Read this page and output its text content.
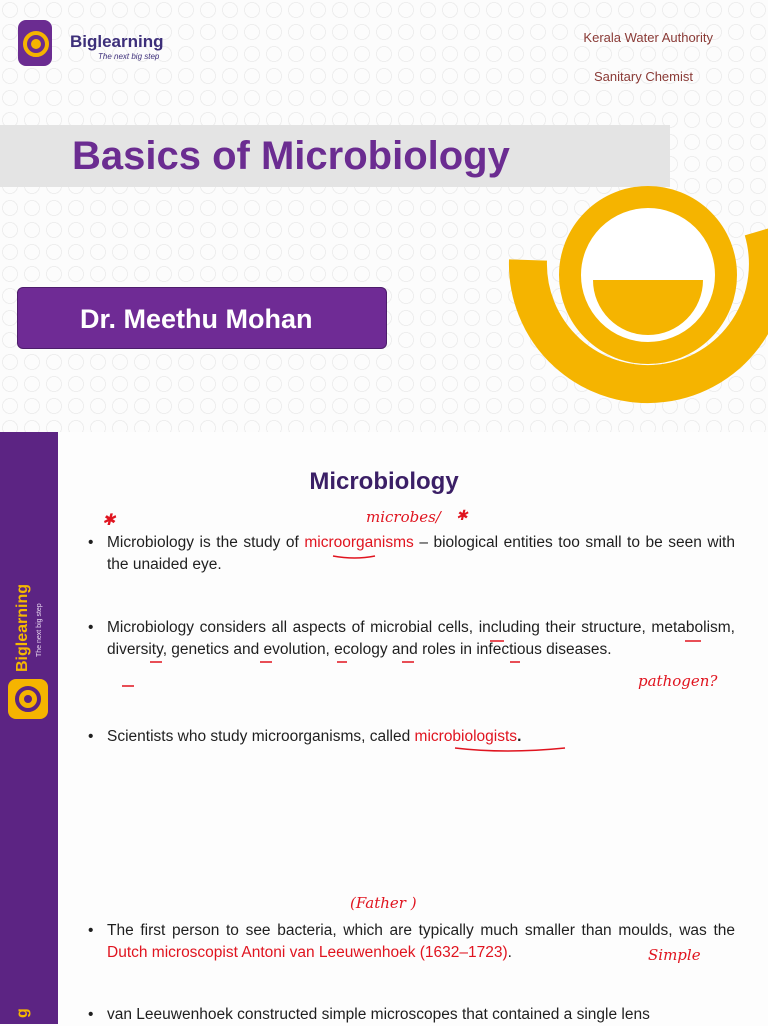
Biglearning
The next big step
Kerala Water Authority
Sanitary Chemist
Basics of Microbiology
Dr. Meethu Mohan
Biglearning The next big step
Microbiology
✱	microbes/ ✱
• Microbiology is the study of microorganisms – biological entities too small to be seen with the unaided eye.
• Microbiology considers all aspects of microbial cells, including their structure, metabolism, diversity, genetics and evolution, ecology and roles in infectious diseases.
pathogen?
• Scientists who study microorganisms, called microbiologists.
g
(Father )
• The first person to see bacteria, which are typically much smaller than moulds, was the Dutch microscopist Antoni van Leeuwenhoek (1632–1723).	Simple
• van Leeuwenhoek constructed simple microscopes that contained a single lens
